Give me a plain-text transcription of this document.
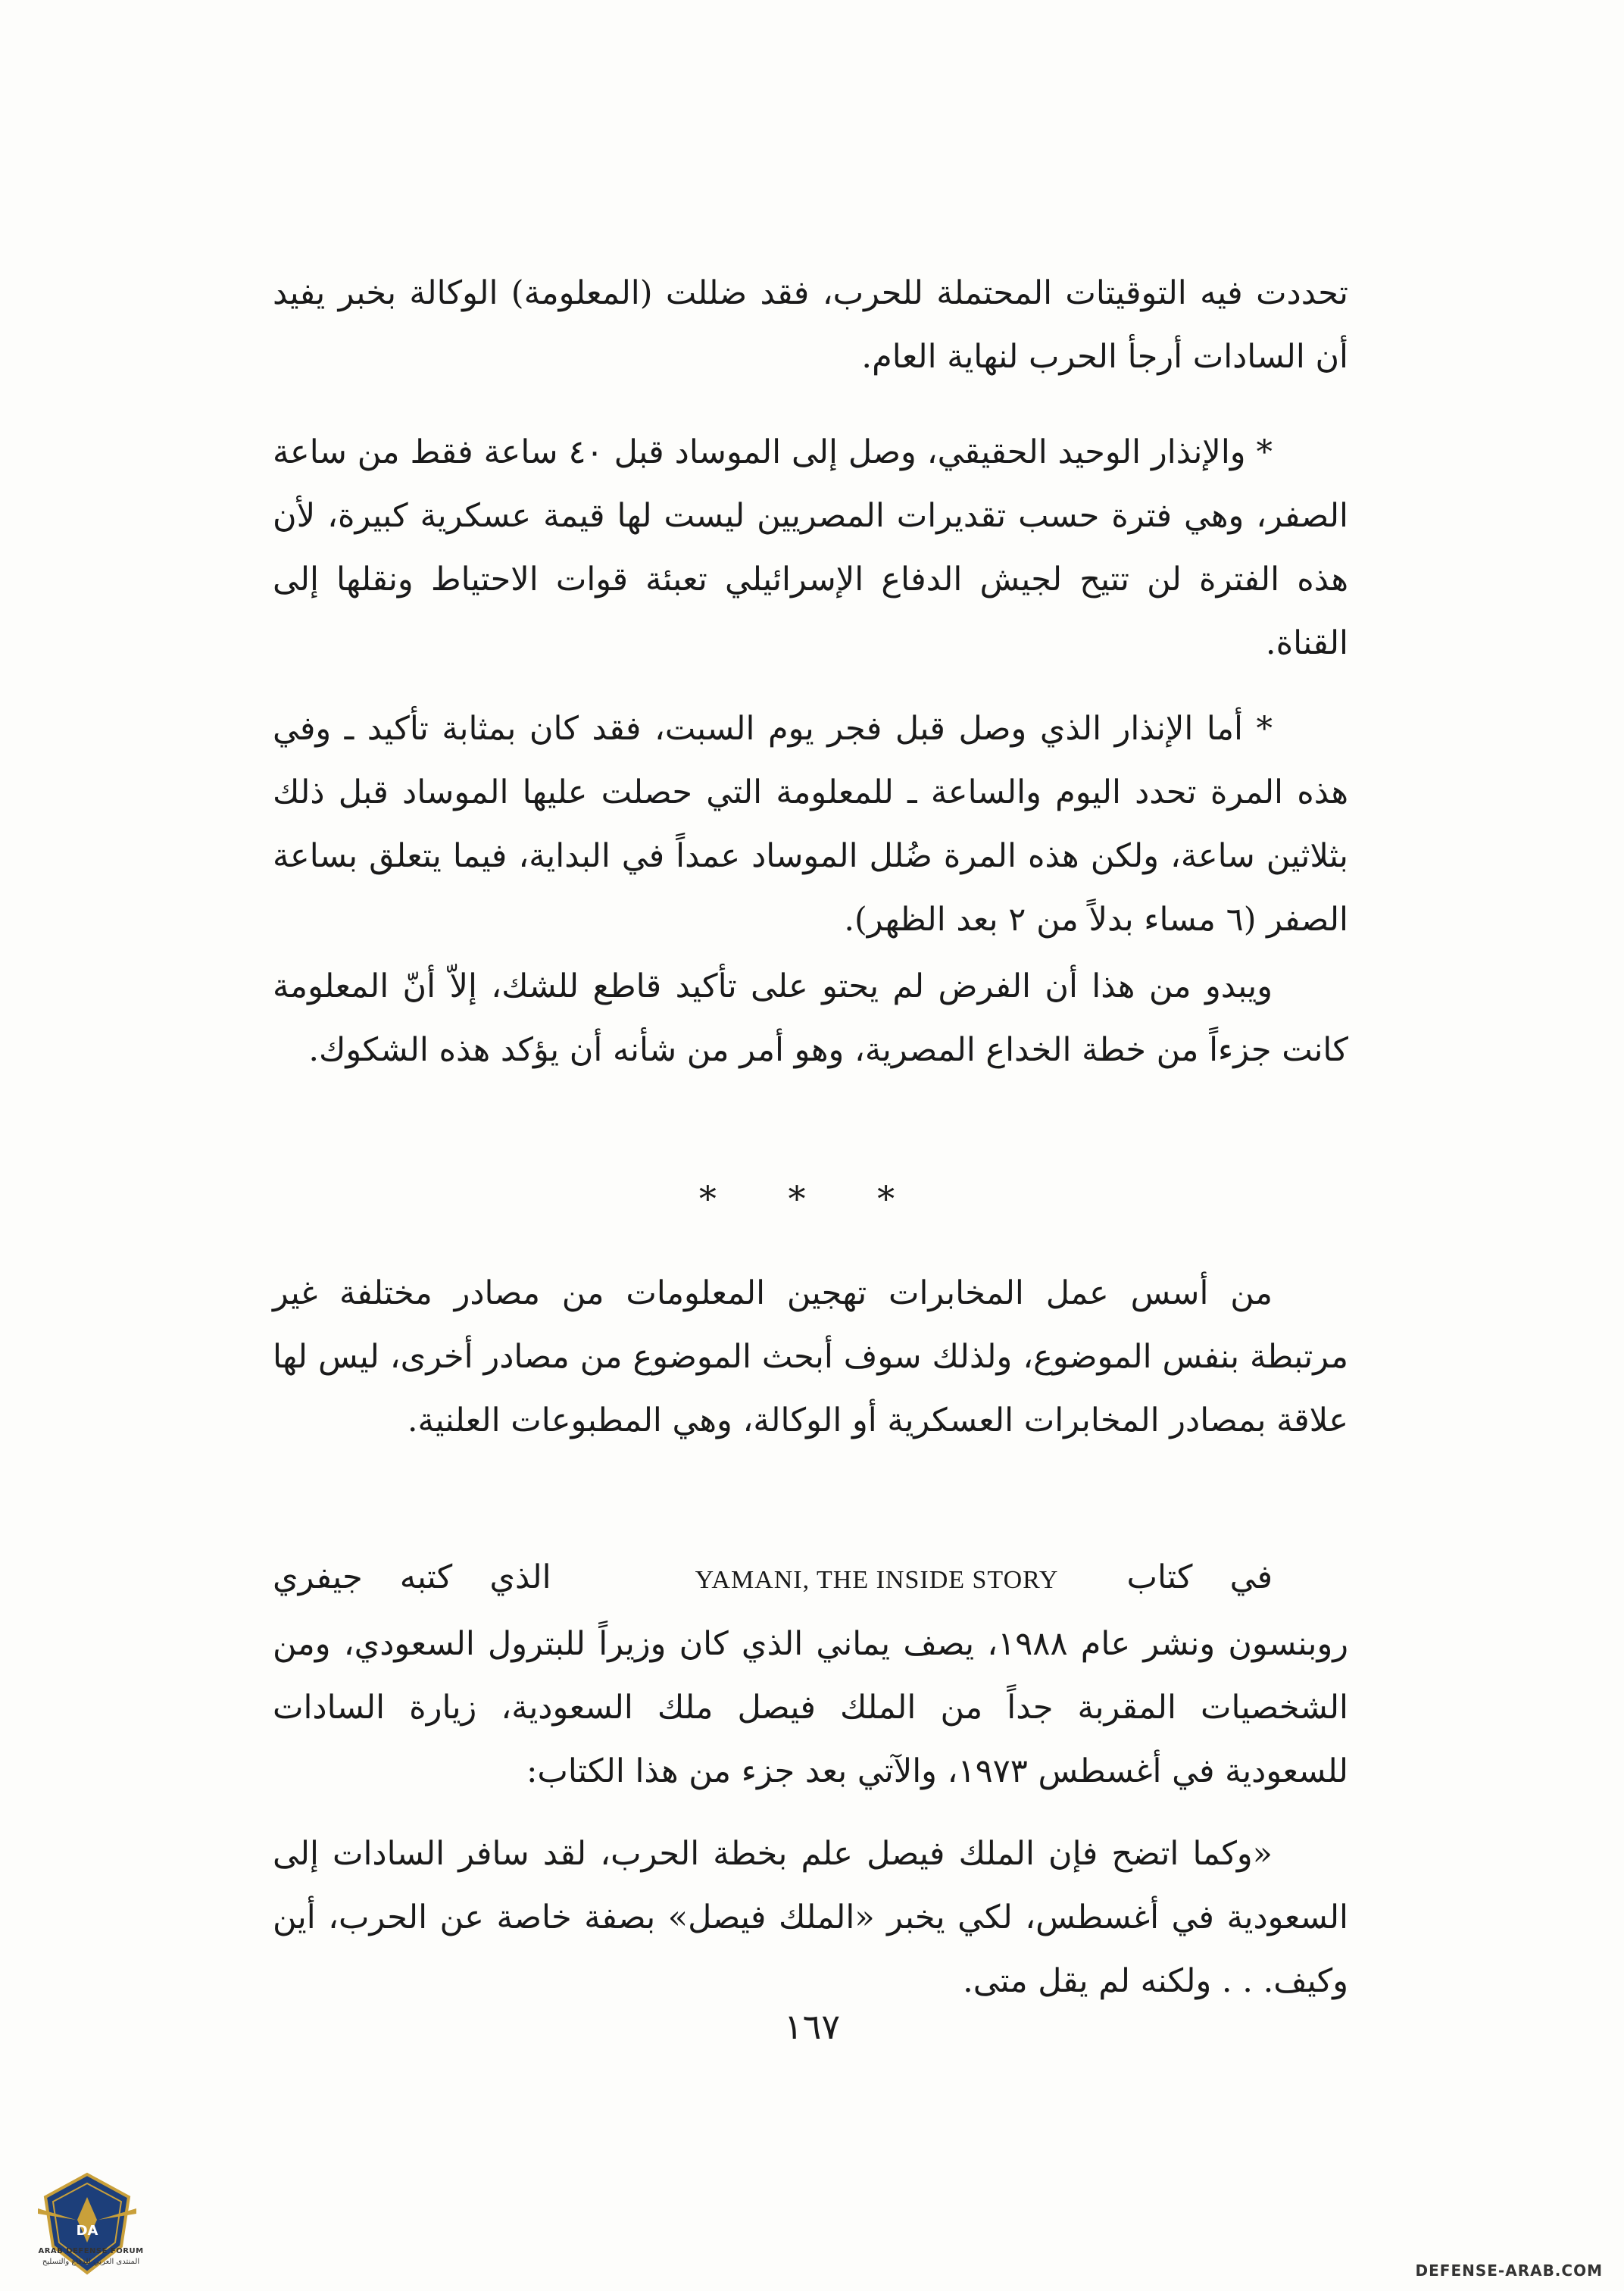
تحددت فيه التوقيتات المحتملة للحرب، فقد ضللت (المعلومة) الوكالة بخبر يفيد أن السادات أرجأ الحرب لنهاية العام.

* والإنذار الوحيد الحقيقي، وصل إلى الموساد قبل ٤٠ ساعة فقط من ساعة الصفر، وهي فترة حسب تقديرات المصريين ليست لها قيمة عسكرية كبيرة، لأن هذه الفترة لن تتيح لجيش الدفاع الإسرائيلي تعبئة قوات الاحتياط ونقلها إلى القناة.

* أما الإنذار الذي وصل قبل فجر يوم السبت، فقد كان بمثابة تأكيد ـ وفي هذه المرة تحدد اليوم والساعة ـ للمعلومة التي حصلت عليها الموساد قبل ذلك بثلاثين ساعة، ولكن هذه المرة ضُلل الموساد عمداً في البداية، فيما يتعلق بساعة الصفر (٦ مساء بدلاً من ٢ بعد الظهر).

ويبدو من هذا أن الفرض لم يحتو على تأكيد قاطع للشك، إلاّ أنّ المعلومة كانت جزءاً من خطة الخداع المصرية، وهو أمر من شأنه أن يؤكد هذه الشكوك.

* * *

من أسس عمل المخابرات تهجين المعلومات من مصادر مختلفة غير مرتبطة بنفس الموضوع، ولذلك سوف أبحث الموضوع من مصادر أخرى، ليس لها علاقة بمصادر المخابرات العسكرية أو الوكالة، وهي المطبوعات العلنية.

في كتابYAMANI, THE INSIDE STORYالذي كتبه جيفري روبنسون ونشر عام ١٩٨٨، يصف يماني الذي كان وزيراً للبترول السعودي، ومن الشخصيات المقربة جداً من الملك فيصل ملك السعودية، زيارة السادات للسعودية في أغسطس ١٩٧٣، والآتي بعد جزء من هذا الكتاب:

«وكما اتضح فإن الملك فيصل علم بخطة الحرب، لقد سافر السادات إلى السعودية في أغسطس، لكي يخبر «الملك فيصل» بصفة خاصة عن الحرب، أين وكيف. . . ولكنه لم يقل متى.

١٦٧
DA
ARAB DEFENSE FORUM
المنتدى العربي للدفاع والتسليح	DEFENSE-ARAB.COM
